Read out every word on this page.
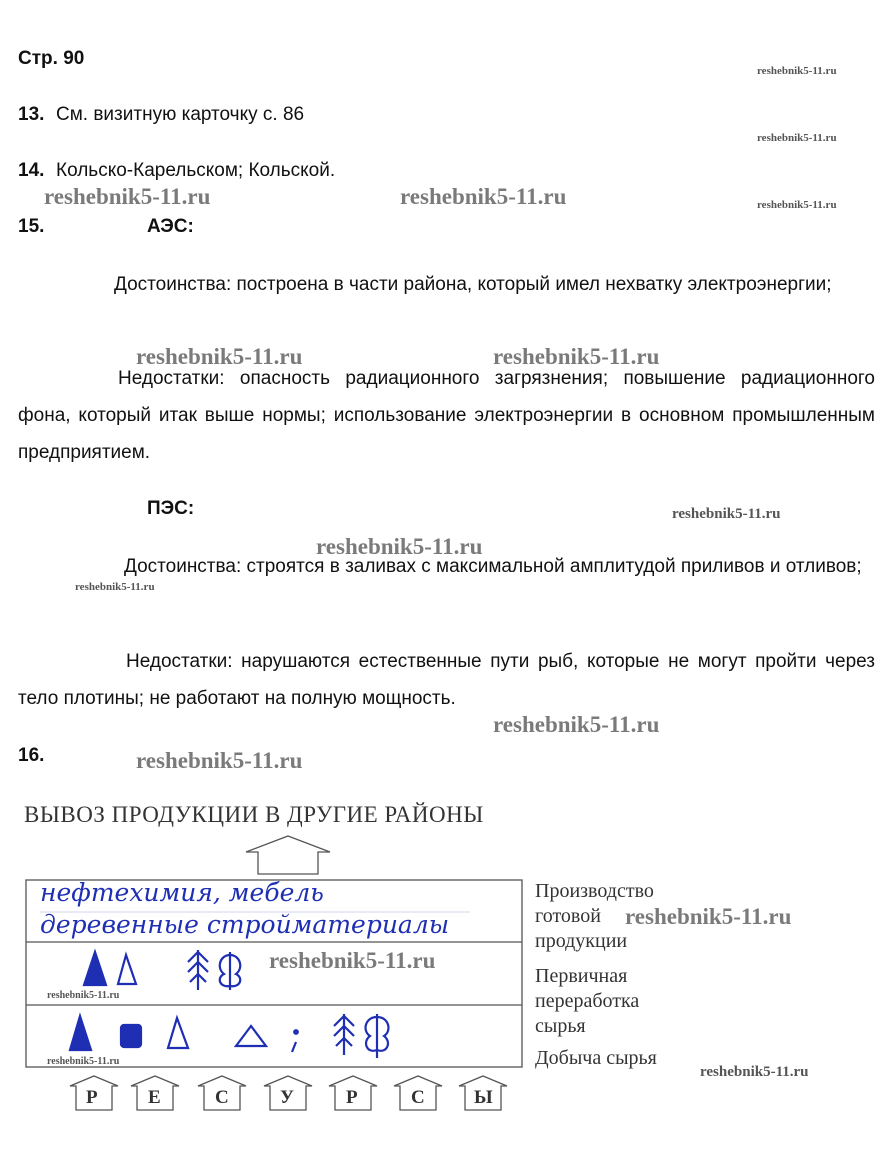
Стр. 90
13. См. визитную карточку с. 86
14. Кольско-Карельском; Кольской.
15.	АЭС:
Достоинства: построена в части района, который имел нехватку электроэнергии;
Недостатки: опасность радиационного загрязнения; повышение радиационного фона, который итак выше нормы; использование электроэнергии в основном промышленным предприятием.
ПЭС:
Достоинства: строятся в заливах с максимальной амплитудой приливов и отливов;
Недостатки: нарушаются естественные пути рыб, которые не могут пройти через тело плотины; не работают на полную мощность.
16.
ВЫВОЗ ПРОДУКЦИИ В ДРУГИЕ РАЙОНЫ
нефтехимия, мебель
деревенные стройматериалы
Р	Е	С	У	Р	С	Ы
Производство
готовой
продукции
Первичная
переработка
сырья
Добыча сырья
reshebnik5-11.ru	reshebnik5-11.ru
reshebnik5-11.ru	reshebnik5-11.ru
reshebnik5-11.ru
reshebnik5-11.ru
reshebnik5-11.ru
reshebnik5-11.ru
reshebnik5-11.ru
reshebnik5-11.ru
reshebnik5-11.ru
reshebnik5-11.ru
reshebnik5-11.ru
reshebnik5-11.ru
reshebnik5-11.ru
reshebnik5-11.ru
reshebnik5-11.ru
